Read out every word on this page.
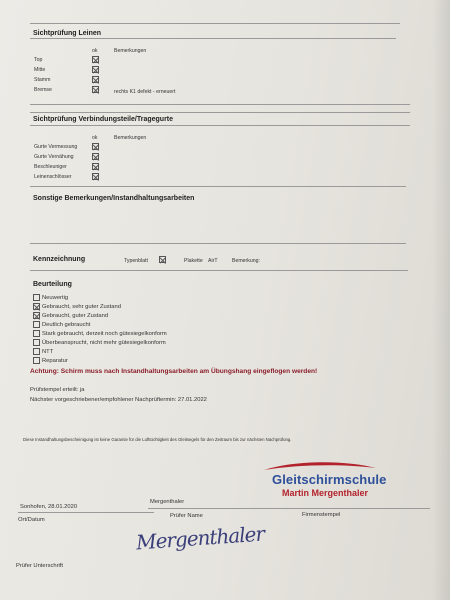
Sichtprüfung Leinen
ok	Bemerkungen
Top
Mitte
Stamm
Bremse	rechts K1 defekt - erneuert
Sichtprüfung Verbindungsteile/Tragegurte
ok	Bemerkungen
Gurte Vermessung
Gurte Vernähung
Beschleuniger
Leinenschlösser
Sonstige Bemerkungen/Instandhaltungsarbeiten
Kennzeichnung	Typenblatt	Plakette AirT	Bemerkung:
Beurteilung
Neuwertig
Gebraucht, sehr guter Zustand
Gebraucht, guter Zustand
Deutlich gebraucht
Stark gebraucht, derzeit noch gütesiegelkonform
Überbeansprucht, nicht mehr gütesiegelkonform
NTT
Reparatur
Achtung: Schirm muss nach Instandhaltungsarbeiten am Übungshang eingeflogen werden!
Prüfstempel erteilt: ja
Nächster vorgeschriebener/empfohlener Nachprüftermin: 27.01.2022
Diese Instandhaltungsbescheinigung ist keine Garantie für die Lufttüchtigkeit des Gleitsegels für den Zeitraum bis zur nächsten Nachprüfung.
Gleitschirmschule
Martin Mergenthaler
Mergenthaler
Sonhofen, 28.01.2020
Ort/Datum
Prüfer Name	Firmenstempel
Mergenthaler
Prüfer Unterschrift
